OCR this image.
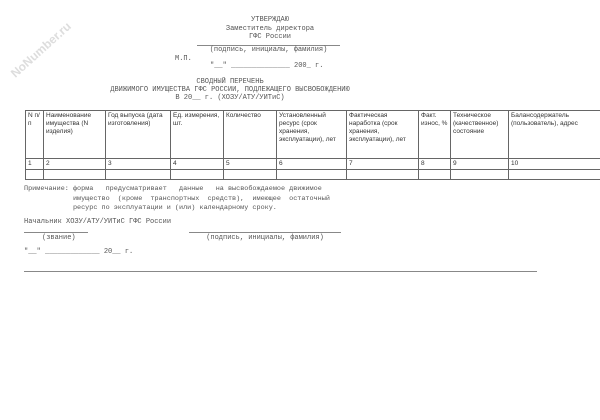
NoNumber.ru	УТВЕРЖДАЮ
Заместитель директора
ГФС России
(подпись, инициалы, фамилия)
М.П.
"__" ______________ 200_ г.
СВОДНЫЙ ПЕРЕЧЕНЬ
ДВИЖИМОГО ИМУЩЕСТВА ГФС РОССИИ, ПОДЛЕЖАЩЕГО ВЫСВОБОЖДЕНИЮ
В 20__ г. (ХОЗУ/АТУ/УИТиС)
N п/п	Наименование имущества (N изделия)	Год выпуска (дата изготовления)	Ед. измерения, шт.	Количество	Установленный ресурс (срок хранения, эксплуатации), лет	Фактическая наработка (срок хранения, эксплуатации), лет	Факт. износ, %	Техническое (качественное) состояние	Балансодержатель (пользователь), адрес
1	2	3	4	5	6	7	8	9	10

Примечание: форма   предусматривает   данные   на высвобождаемое движимое
имущество  (кроме  транспортных  средств),  имеющее  остаточный
ресурс по эксплуатации и (или) календарному сроку.
Начальник ХОЗУ/АТУ/УИТиС ГФС России
(звание)	(подпись, инициалы, фамилия)
"__" _____________ 20__ г.
